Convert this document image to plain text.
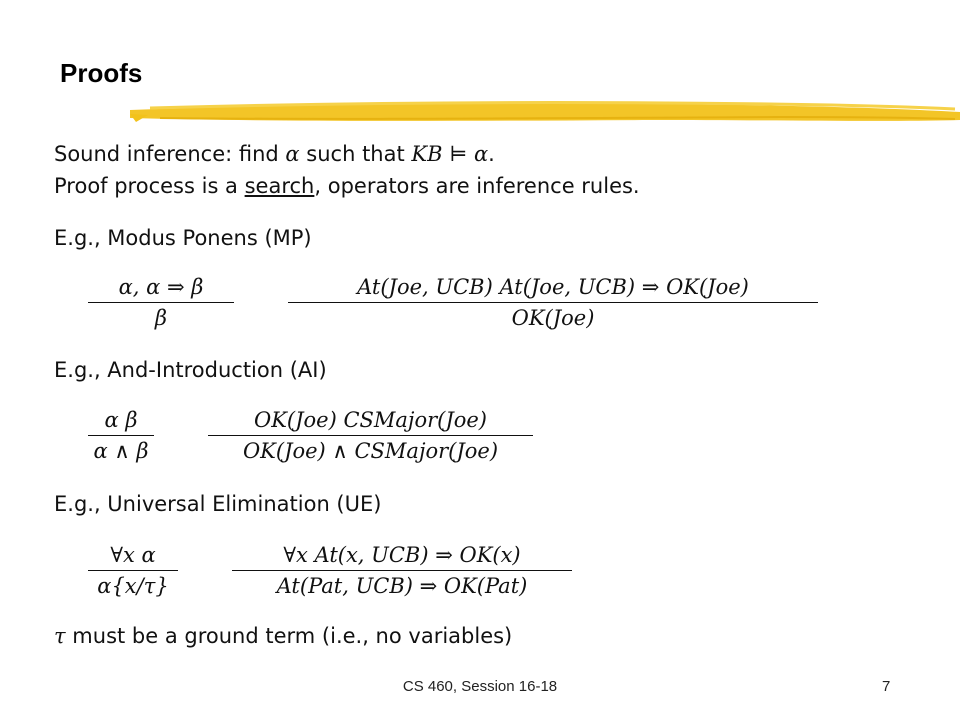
Proofs
Sound inference: find α such that KB ⊨ α.
Proof process is a search, operators are inference rules.
E.g., Modus Ponens (MP)
α, α ⇒ β
β
At(Joe, UCB) At(Joe, UCB) ⇒ OK(Joe)
OK(Joe)
E.g., And-Introduction (AI)
α β
α ∧ β
OK(Joe) CSMajor(Joe)
OK(Joe) ∧ CSMajor(Joe)
E.g., Universal Elimination (UE)
∀x α
α{x/τ}
∀x At(x, UCB) ⇒ OK(x)
At(Pat, UCB) ⇒ OK(Pat)
τ must be a ground term (i.e., no variables)
CS 460, Session 16-18	7
